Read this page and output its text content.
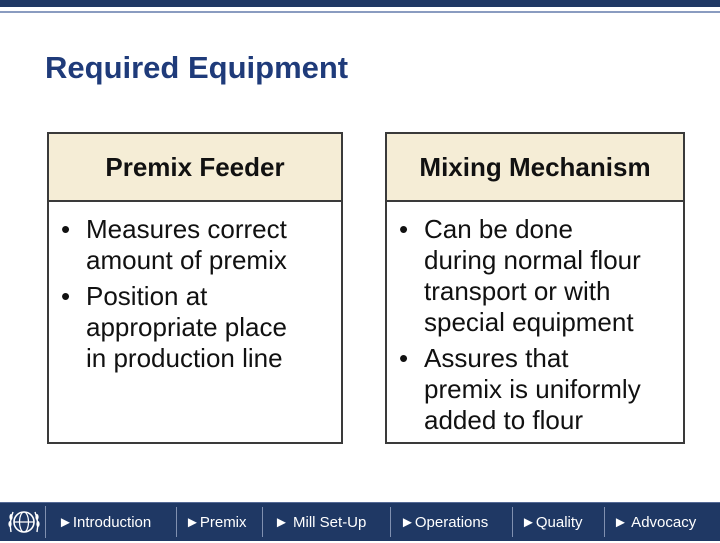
Required Equipment
Premix Feeder
• Measures correct
amount of premix
• Position at
appropriate place
in production line
Mixing Mechanism
• Can be done
during normal flour
transport or with
special equipment
• Assures that
premix is uniformly
added to flour
►Introduction ►Premix ► Mill Set-Up ►Operations ►Quality ► Advocacy
